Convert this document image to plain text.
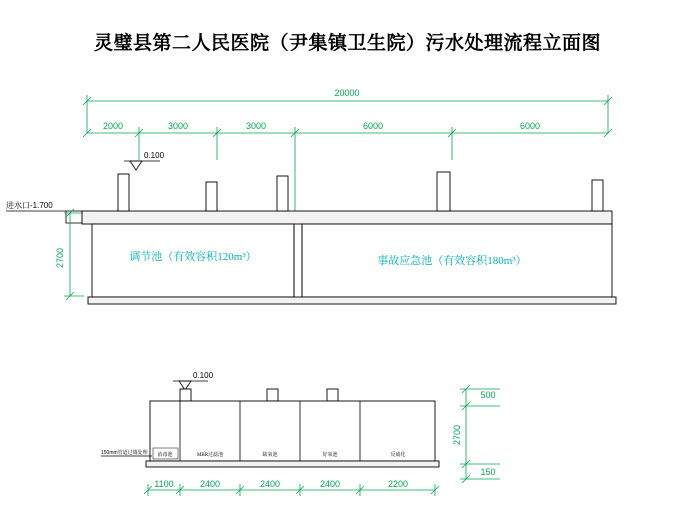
灵璧县第二人民医院（尹集镇卫生院）污水处理流程立面图
20000
2000	3000	3000	6000	6000
0.100
进水口-1.700
2700	调节池（有效容积120m³）	事故应急池（有效容积180m³）
0.100
150mm管道过墙处理 消毒池	MBR过滤池	缺氧池	好氧池	反硝化
1100	2400	2400	2400	2200
500
2700
150
